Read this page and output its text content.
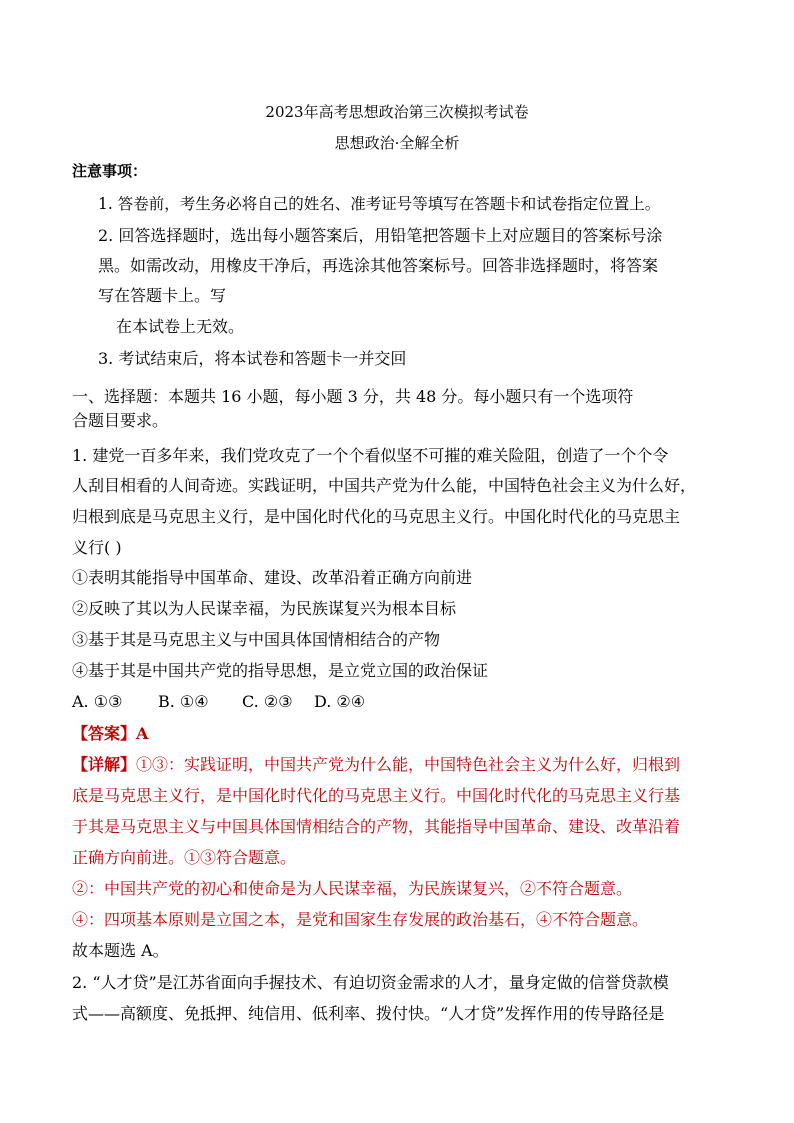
2023年高考思想政治第三次模拟考试卷
思想政治·全解全析
注意事项：
1. 答卷前，考生务必将自己的姓名、准考证号等填写在答题卡和试卷指定位置上。
2. 回答选择题时，选出每小题答案后，用铅笔把答题卡上对应题目的答案标号涂
黑。如需改动，用橡皮干净后，再选涂其他答案标号。回答非选择题时，将答案
写在答题卡上。写
在本试卷上无效。
3. 考试结束后，将本试卷和答题卡一并交回
一、选择题：本题共 16 小题，每小题 3 分，共 48 分。每小题只有一个选项符
合题目要求。
1. 建党一百多年来，我们党攻克了一个个看似坚不可摧的难关险阻，创造了一个个令
人刮目相看的人间奇迹。实践证明，中国共产党为什么能，中国特色社会主义为什么好，
归根到底是马克思主义行，是中国化时代化的马克思主义行。中国化时代化的马克思主
义行( )
①表明其能指导中国革命、建设、改革沿着正确方向前进
②反映了其以为人民谋幸福，为民族谋复兴为根本目标
③基于其是马克思主义与中国具体国情相结合的产物
④基于其是中国共产党的指导思想，是立党立国的政治保证
A. ①③ B. ①④ C. ②③ D. ②④
【答案】A
【详解】①③：实践证明，中国共产党为什么能，中国特色社会主义为什么好，归根到
底是马克思主义行，是中国化时代化的马克思主义行。中国化时代化的马克思主义行基
于其是马克思主义与中国具体国情相结合的产物，其能指导中国革命、建设、改革沿着
正确方向前进。①③符合题意。
②：中国共产党的初心和使命是为人民谋幸福，为民族谋复兴，②不符合题意。
④：四项基本原则是立国之本，是党和国家生存发展的政治基石，④不符合题意。
故本题选 A。
2. “人才贷”是江苏省面向手握技术、有迫切资金需求的人才，量身定做的信誉贷款模
式——高额度、免抵押、纯信用、低利率、拨付快。“人才贷”发挥作用的传导路径是
